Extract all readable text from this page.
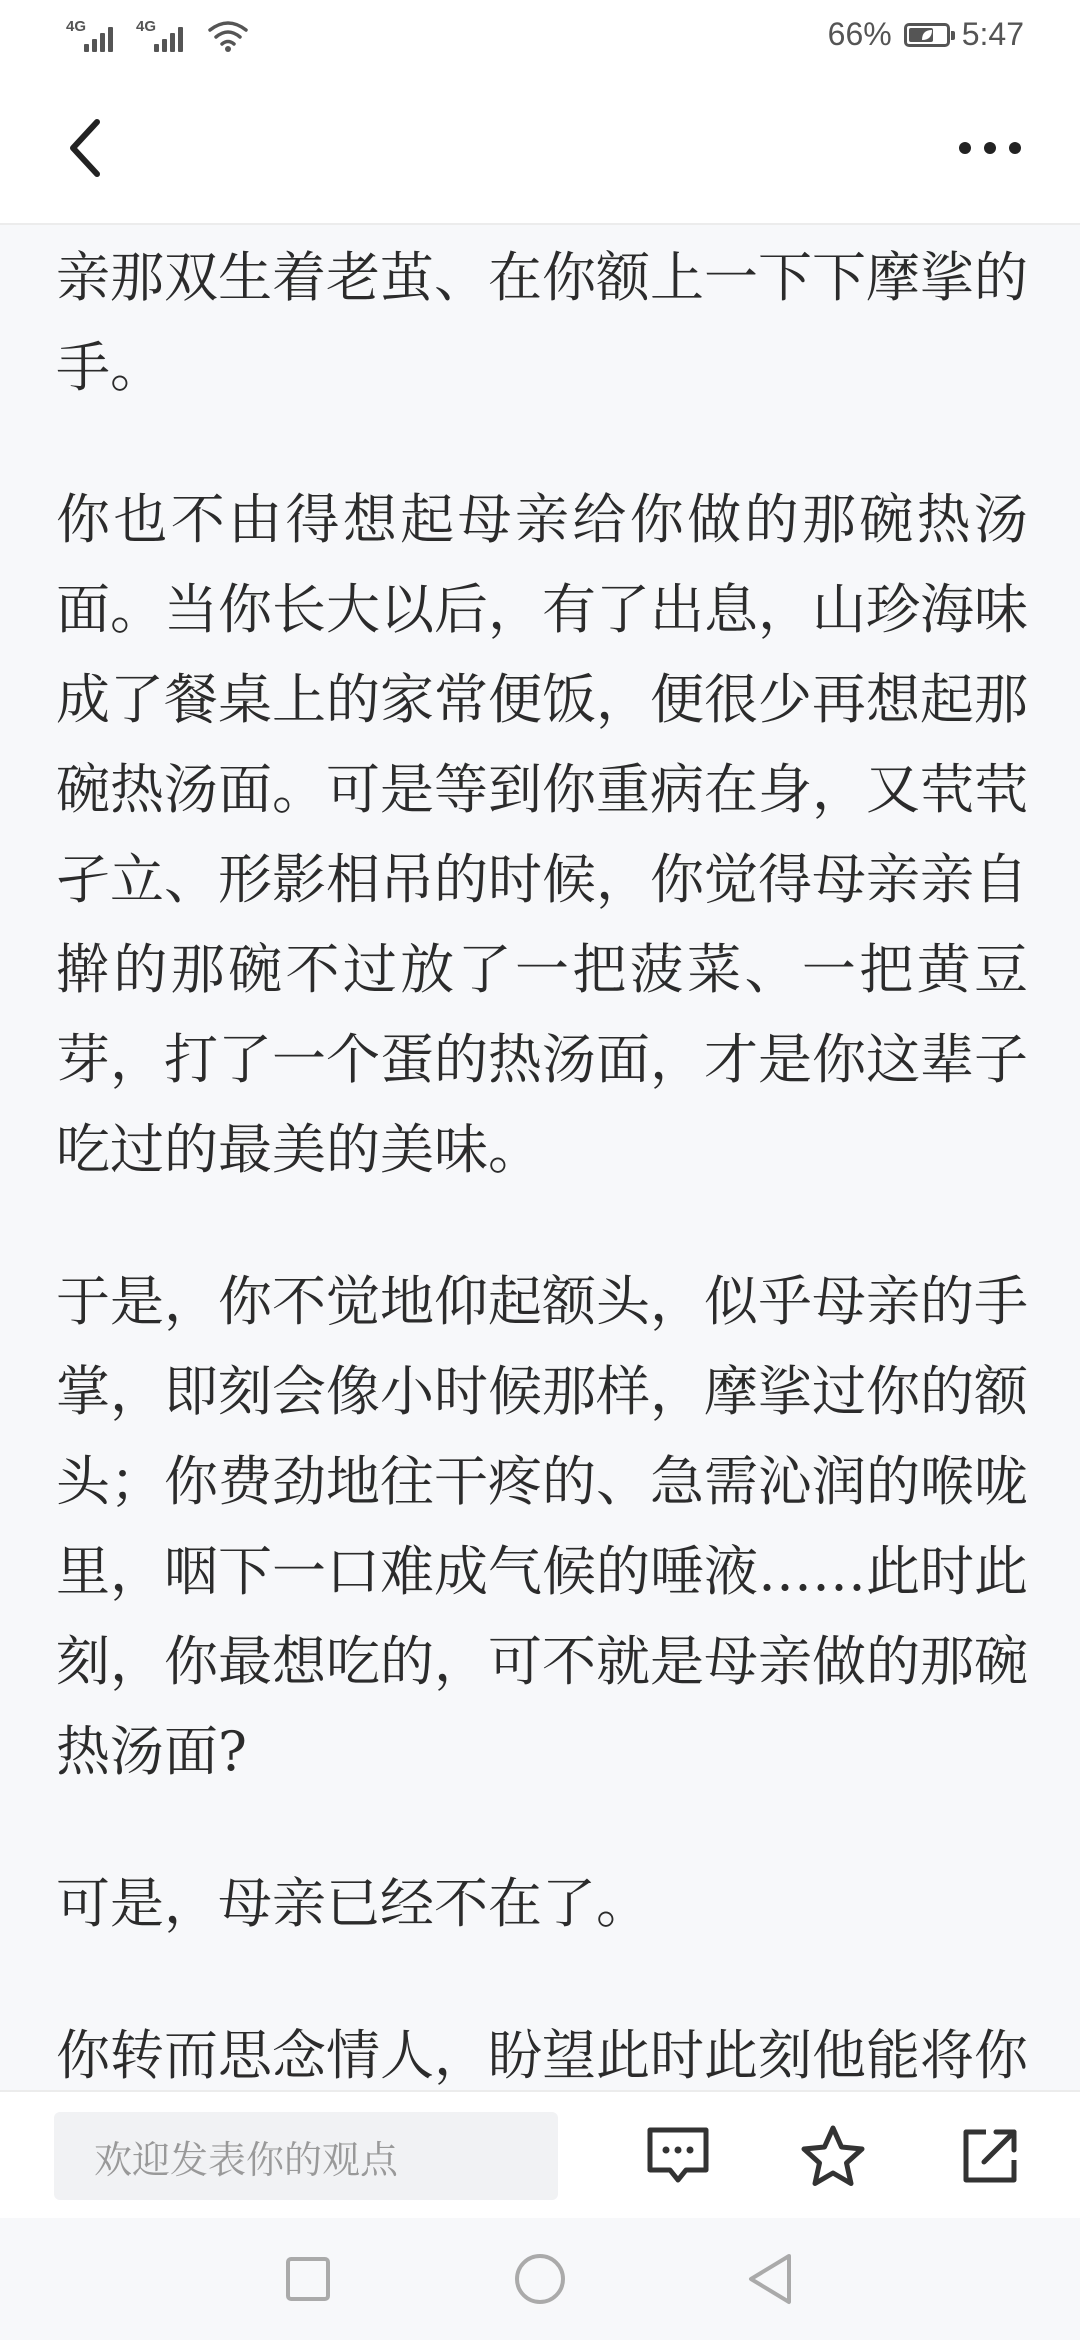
4G	4G	66% 5:47

亲那双生着老茧、在你额上一下下摩挲的手。

你也不由得想起母亲给你做的那碗热汤面。当你长大以后，有了出息，山珍海味成了餐桌上的家常便饭，便很少再想起那碗热汤面。可是等到你重病在身，又茕茕孑立、形影相吊的时候，你觉得母亲亲自擀的那碗不过放了一把菠菜、一把黄豆芽，打了一个蛋的热汤面，才是你这辈子吃过的最美的美味。

于是，你不觉地仰起额头，似乎母亲的手掌，即刻会像小时候那样，摩挲过你的额头；你费劲地往干疼的、急需沁润的喉咙里，咽下一口难成气候的唾液……此时此刻，你最想吃的，可不就是母亲做的那碗热汤面?

可是，母亲已经不在了。

你转而思念情人，盼望此时此刻他能将你

欢迎发表你的观点
